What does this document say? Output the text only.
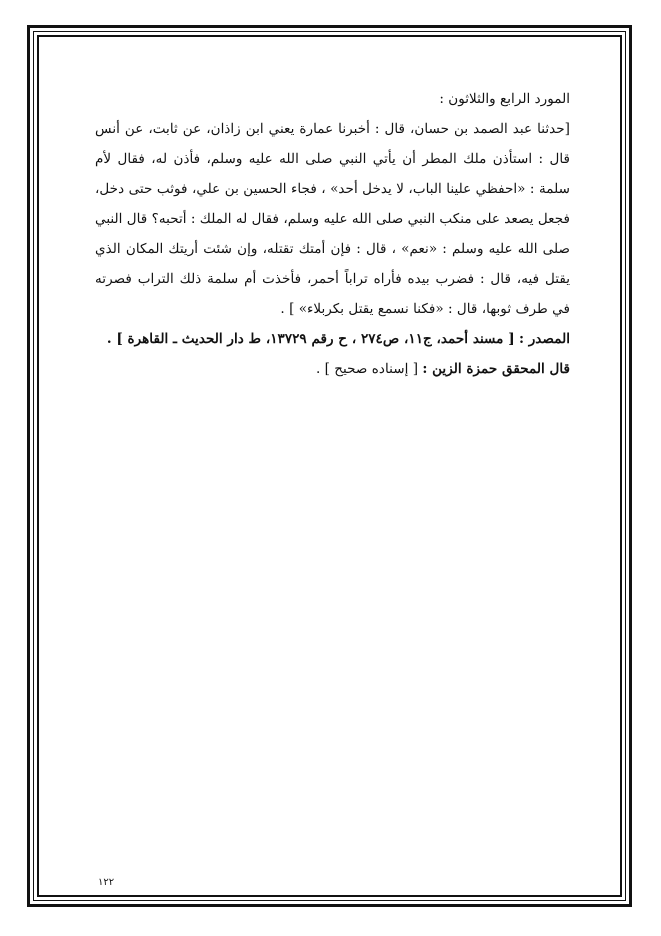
المورد الرابع والثلاثون :

[حدثنا عبد الصمد بن حسان، قال : أخبرنا عمارة يعني ابن زاذان، عن ثابت، عن أنس قال : استأذن ملك المطر أن يأتي النبي صلى الله عليه وسلم، فأذن له، فقال لأم سلمة : «احفظي علينا الباب، لا يدخل أحد» ، فجاء الحسين بن علي، فوثب حتى دخل، فجعل يصعد على منكب النبي صلى الله عليه وسلم، فقال له الملك : أتحبه؟ قال النبي صلى الله عليه وسلم : «نعم» ، قال : فإن أمتك تقتله، وإن شئت أريتك المكان الذي يقتل فيه، قال : فضرب بيده فأراه تراباً أحمر، فأخذت أم سلمة ذلك التراب فصرته في طرف ثوبها، قال : «فكنا نسمع يقتل بكربلاء» ] .

المصدر : [ مسند أحمد، ج١١، ص٢٧٤ ، ح رقم ١٣٧٢٩، ط دار الحديث ـ القاهرة ] .

قال المحقق حمزة الزين : [ إسناده صحيح ] .

١٢٢
